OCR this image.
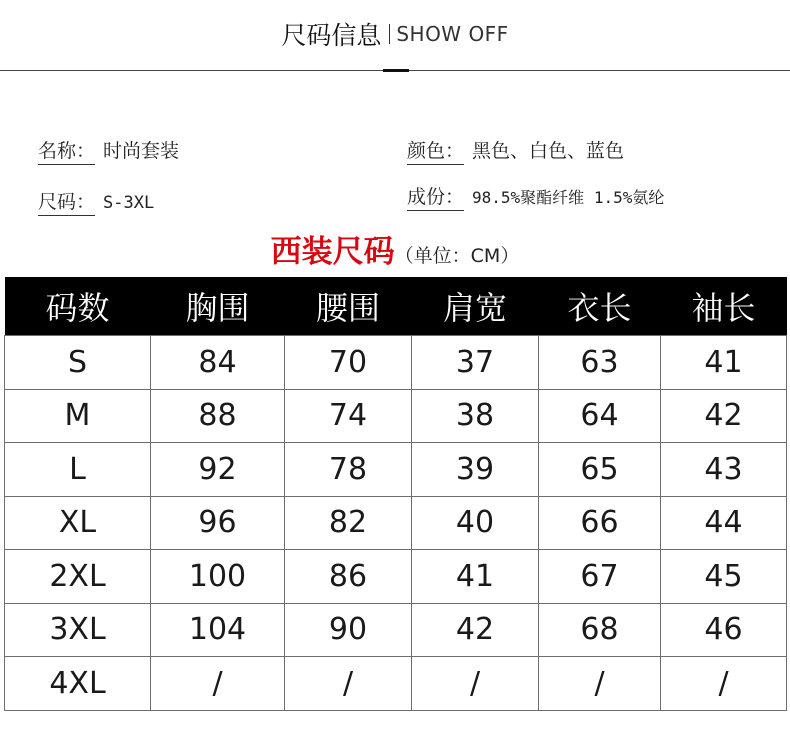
尺码信息 SHOW OFF
名称： 时尚套装
尺码： S-3XL
颜色： 黑色、白色、蓝色
成份： 98.5%聚酯纤维 1.5%氨纶
西装尺码（单位：CM）
码数	胸围	腰围	肩宽	衣长	袖长
S	84	70	37	63	41
M	88	74	38	64	42
L	92	78	39	65	43
XL	96	82	40	66	44
2XL	100	86	41	67	45
3XL	104	90	42	68	46
4XL	/	/	/	/	/
